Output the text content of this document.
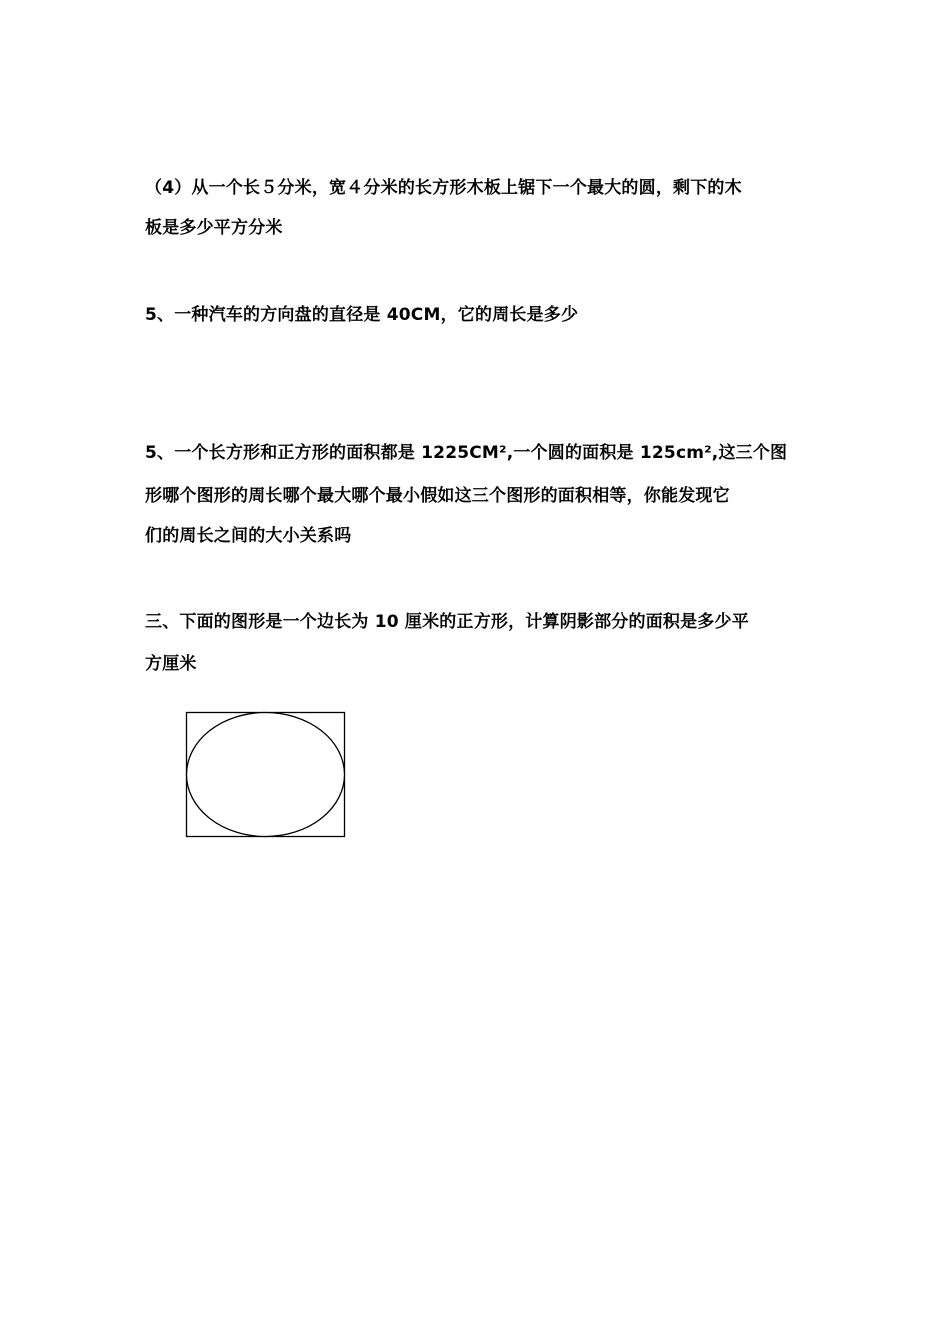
（4）从一个长５分米，宽４分米的长方形木板上锯下一个最大的圆，剩下的木
板是多少平方分米
5、一种汽车的方向盘的直径是 40CM，它的周长是多少
5、一个长方形和正方形的面积都是 1225CM²,一个圆的面积是 125cm²,这三个图
形哪个图形的周长哪个最大哪个最小假如这三个图形的面积相等，你能发现它
们的周长之间的大小关系吗
三、下面的图形是一个边长为 10 厘米的正方形，计算阴影部分的面积是多少平
方厘米
